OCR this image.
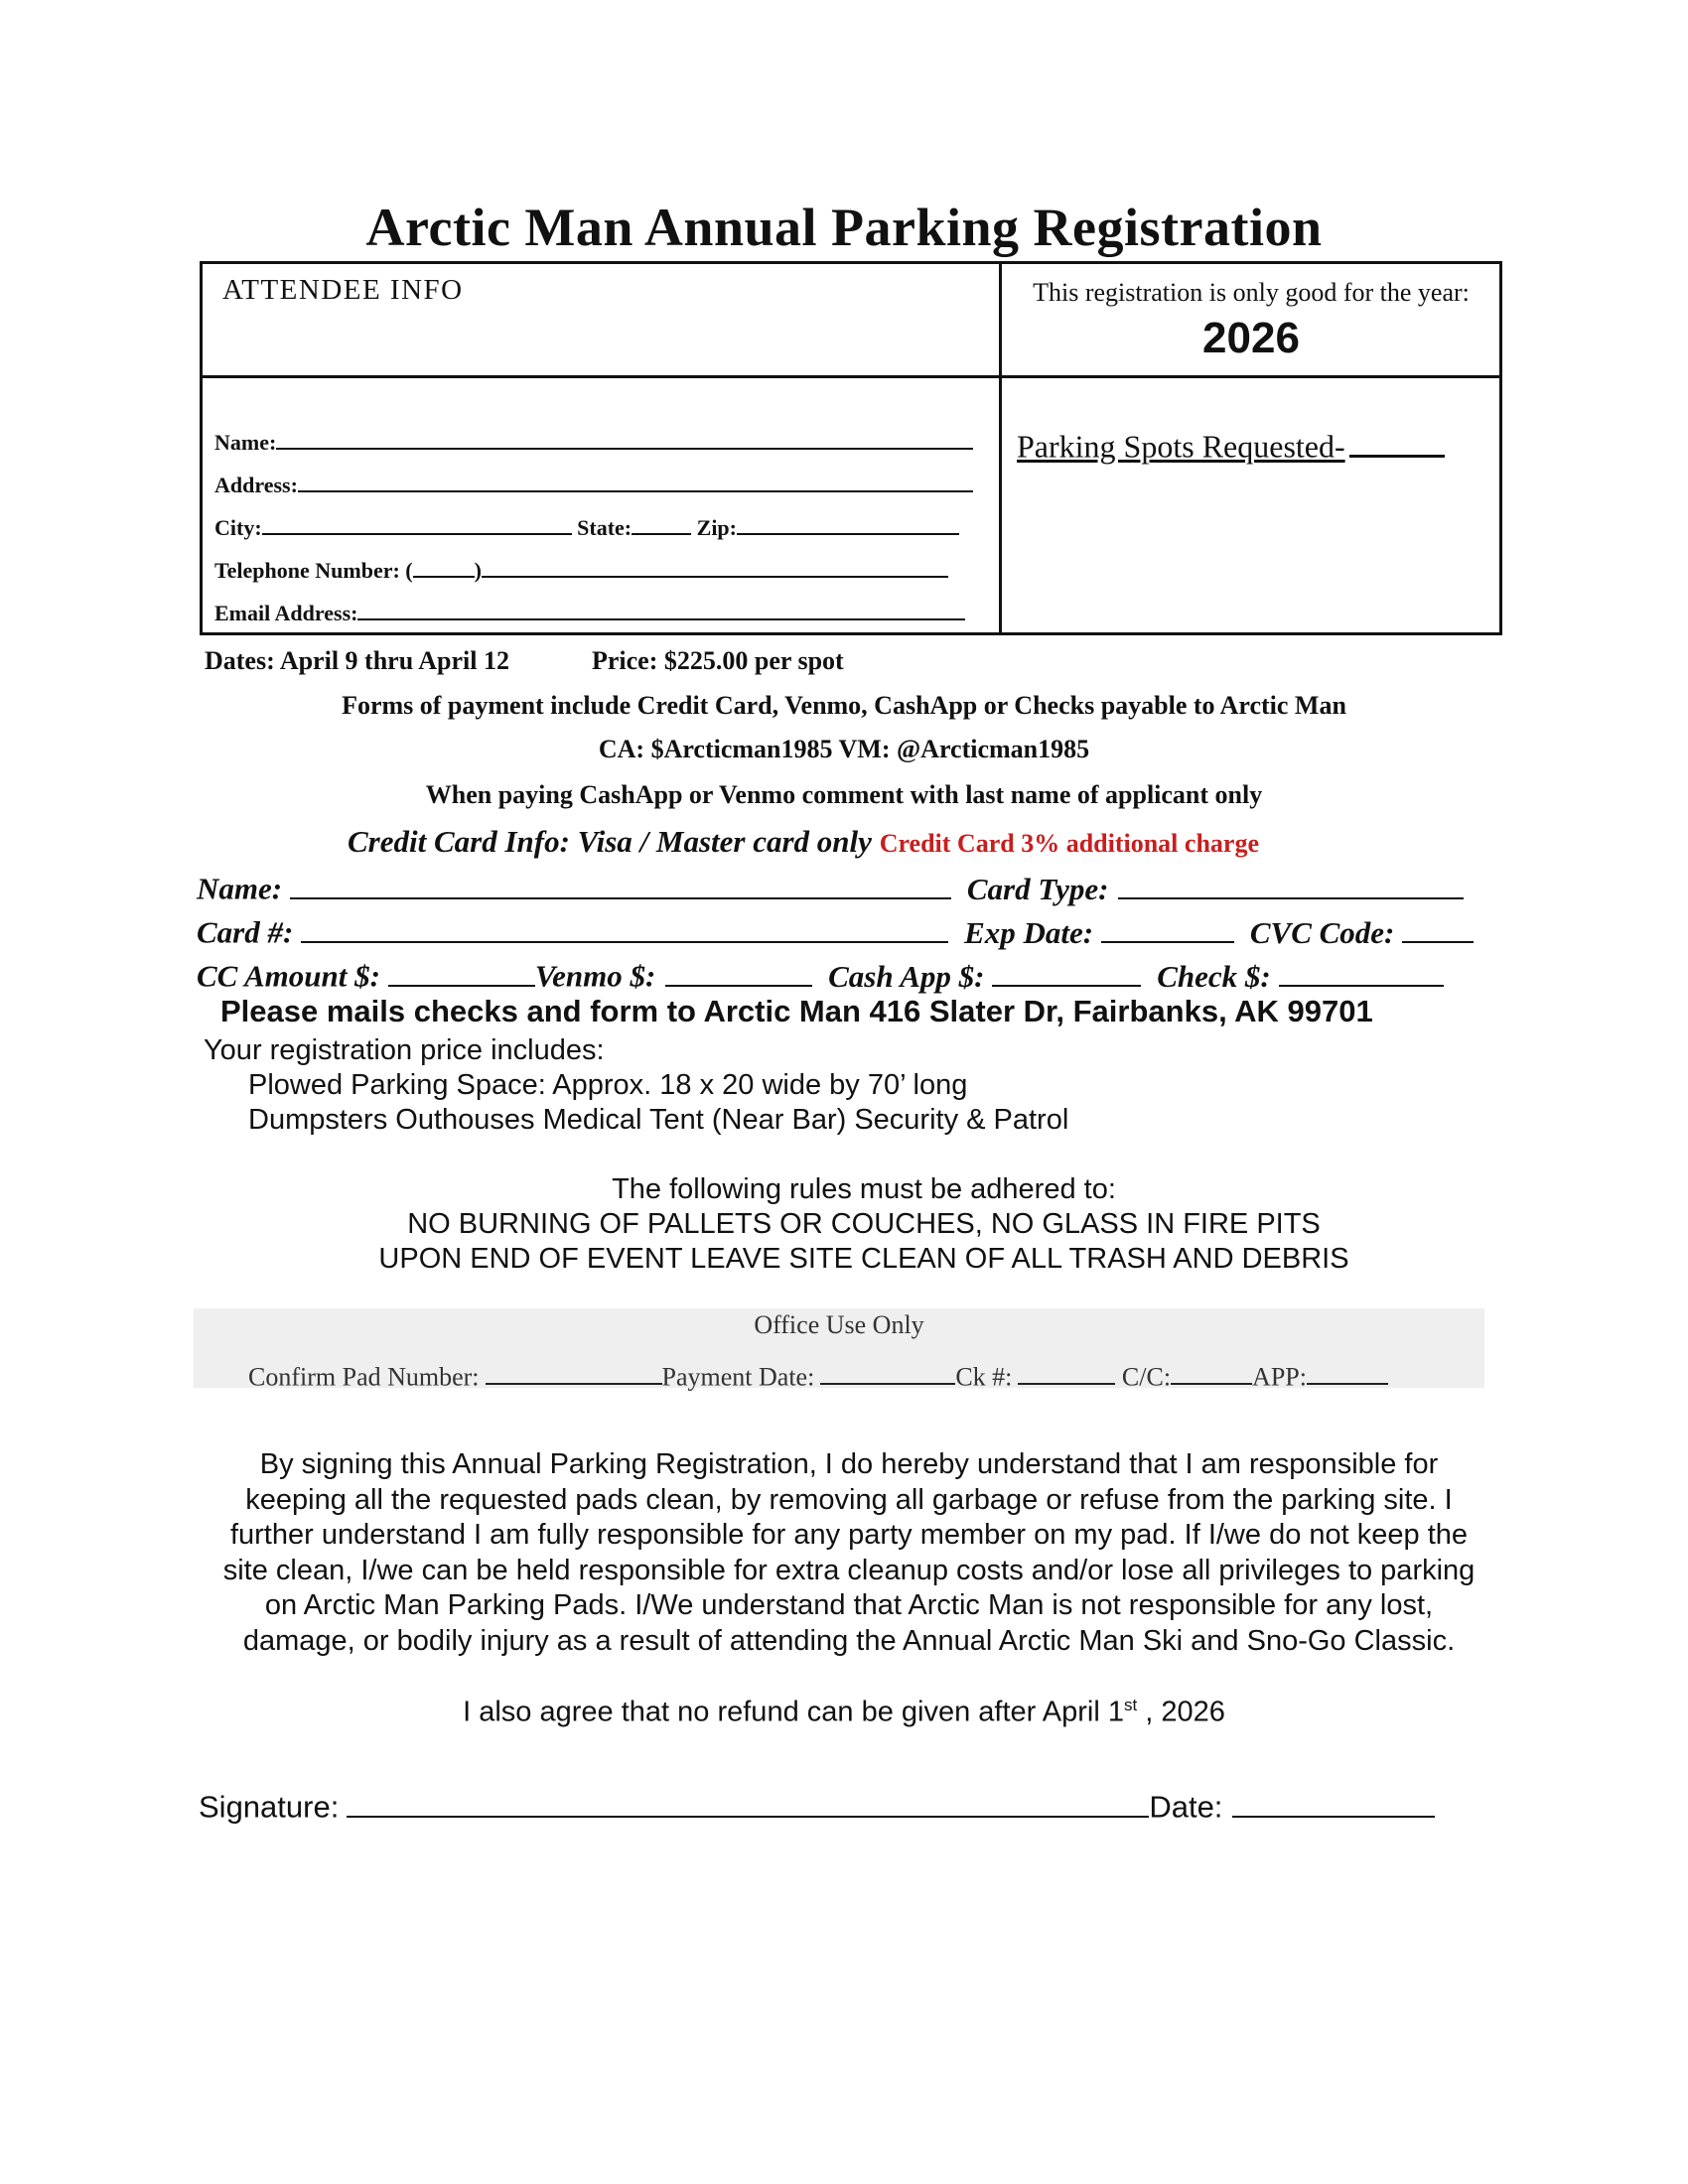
Arctic Man Annual Parking Registration
ATTENDEE INFO	This registration is only good for the year: 2026
Parking Spots Requested-
Name:
Address:
City:	State:	Zip:
Telephone Number: (	)
Email Address:
Dates: April 9 thru April 12	Price: $225.00 per spot
Forms of payment include Credit Card, Venmo, CashApp or Checks payable to Arctic Man
CA: $Arcticman1985 VM: @Arcticman1985
When paying CashApp or Venmo comment with last name of applicant only
Credit Card Info: Visa / Master card only Credit Card 3% additional charge
Name:	Card Type:
Card #:	Exp Date:	CVC Code:
CC Amount $:	Venmo $:	Cash App $:	Check $:
Please mails checks and form to Arctic Man 416 Slater Dr, Fairbanks, AK 99701
Your registration price includes:
Plowed Parking Space: Approx. 18 x 20 wide by 70’ long
Dumpsters Outhouses Medical Tent (Near Bar) Security & Patrol
The following rules must be adhered to:
NO BURNING OF PALLETS OR COUCHES, NO GLASS IN FIRE PITS
UPON END OF EVENT LEAVE SITE CLEAN OF ALL TRASH AND DEBRIS
Office Use Only
Confirm Pad Number:	Payment Date:	Ck #:	C/C:	APP:
By signing this Annual Parking Registration, I do hereby understand that I am responsible for keeping all the requested pads clean, by removing all garbage or refuse from the parking site. I further understand I am fully responsible for any party member on my pad. If I/we do not keep the site clean, I/we can be held responsible for extra cleanup costs and/or lose all privileges to parking on Arctic Man Parking Pads. I/We understand that Arctic Man is not responsible for any lost, damage, or bodily injury as a result of attending the Annual Arctic Man Ski and Sno-Go Classic.
I also agree that no refund can be given after April 1st , 2026
Signature:	Date:
